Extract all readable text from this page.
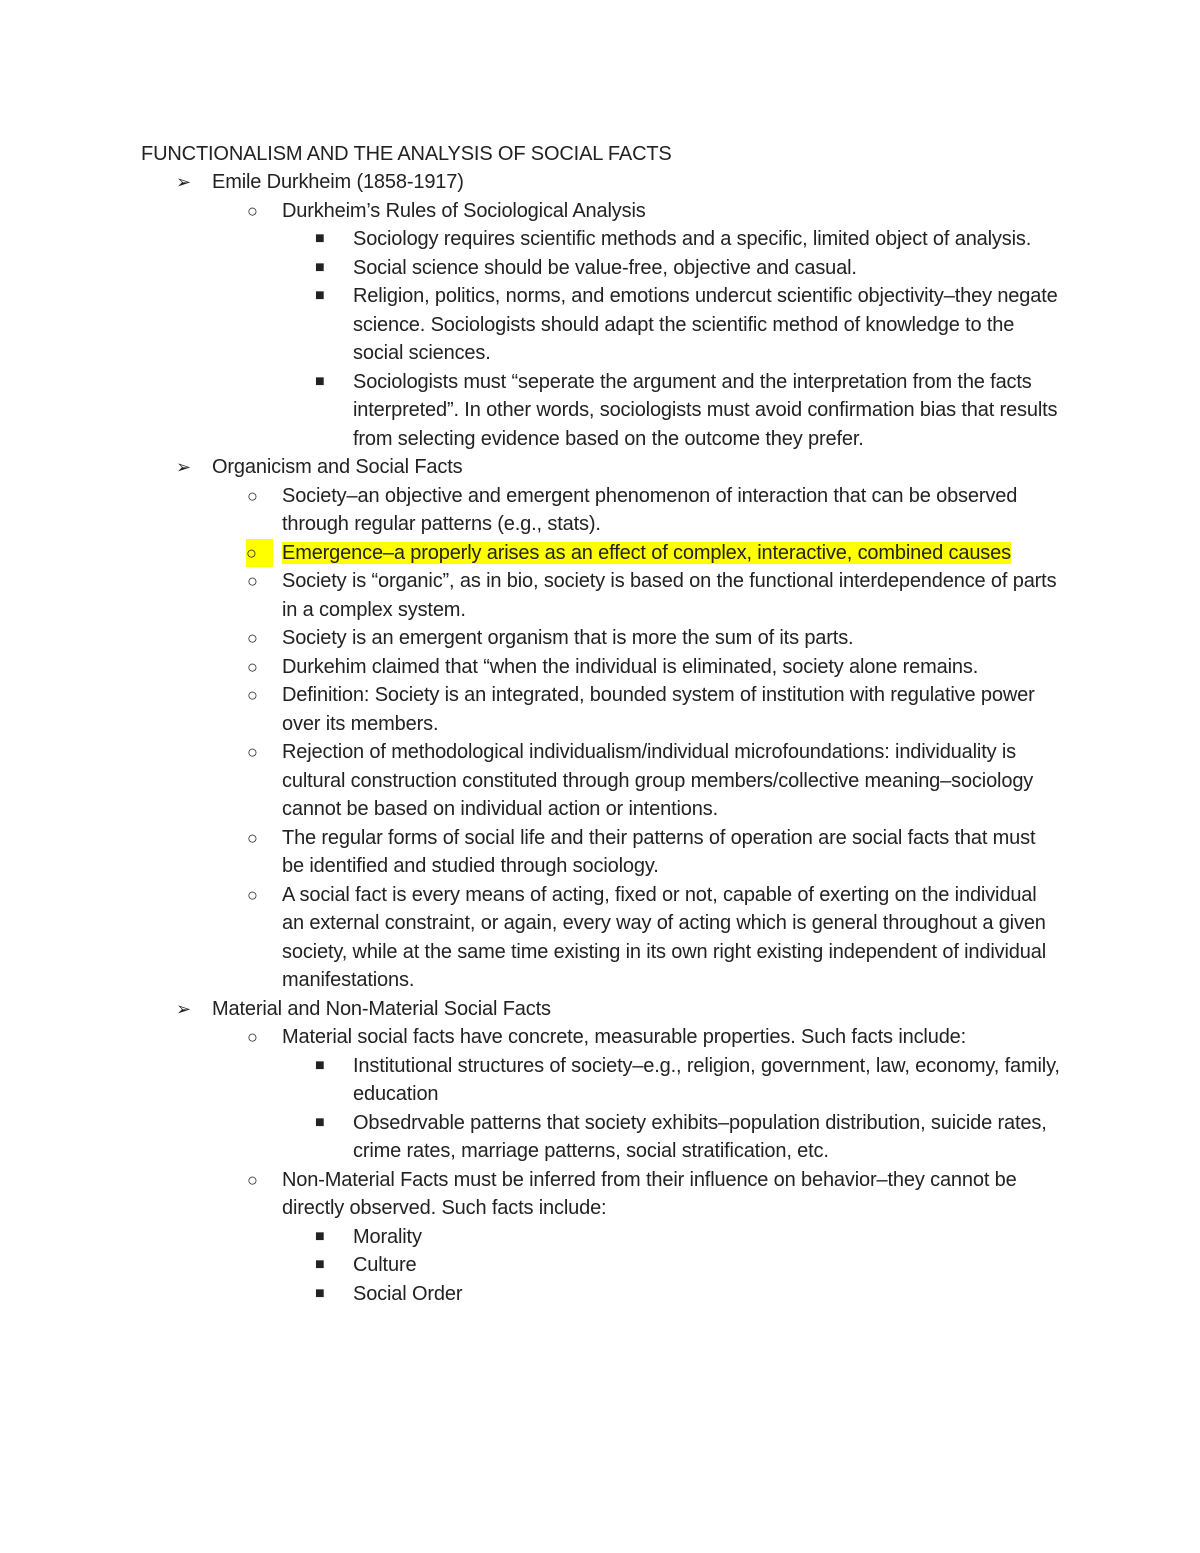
FUNCTIONALISM AND THE ANALYSIS OF SOCIAL FACTS
➢ Emile Durkheim (1858-1917)
○ Durkheim’s Rules of Sociological Analysis
■ Sociology requires scientific methods and a specific, limited object of analysis.
■ Social science should be value-free, objective and casual.
■ Religion, politics, norms, and emotions undercut scientific objectivity–they negate science. Sociologists should adapt the scientific method of knowledge to the social sciences.
■ Sociologists must “seperate the argument and the interpretation from the facts interpreted”. In other words, sociologists must avoid confirmation bias that results from selecting evidence based on the outcome they prefer.
➢ Organicism and Social Facts
○ Society–an objective and emergent phenomenon of interaction that can be observed through regular patterns (e.g., stats).
○	Emergence–a properly arises as an effect of complex, interactive, combined causes
○ Society is “organic”, as in bio, society is based on the functional interdependence of parts in a complex system.
○ Society is an emergent organism that is more the sum of its parts.
○ Durkehim claimed that “when the individual is eliminated, society alone remains.
○ Definition: Society is an integrated, bounded system of institution with regulative power over its members.
○ Rejection of methodological individualism/individual microfoundations: individuality is cultural construction constituted through group members/collective meaning–sociology cannot be based on individual action or intentions.
○ The regular forms of social life and their patterns of operation are social facts that must be identified and studied through sociology.
○ A social fact is every means of acting, fixed or not, capable of exerting on the individual an external constraint, or again, every way of acting which is general throughout a given society, while at the same time existing in its own right existing independent of individual manifestations.
➢ Material and Non-Material Social Facts
○ Material social facts have concrete, measurable properties. Such facts include:
■ Institutional structures of society–e.g., religion, government, law, economy, family, education
■ Obsedrvable patterns that society exhibits–population distribution, suicide rates, crime rates, marriage patterns, social stratification, etc.
○ Non-Material Facts must be inferred from their influence on behavior–they cannot be directly observed. Such facts include:
■ Morality
■ Culture
■ Social Order
